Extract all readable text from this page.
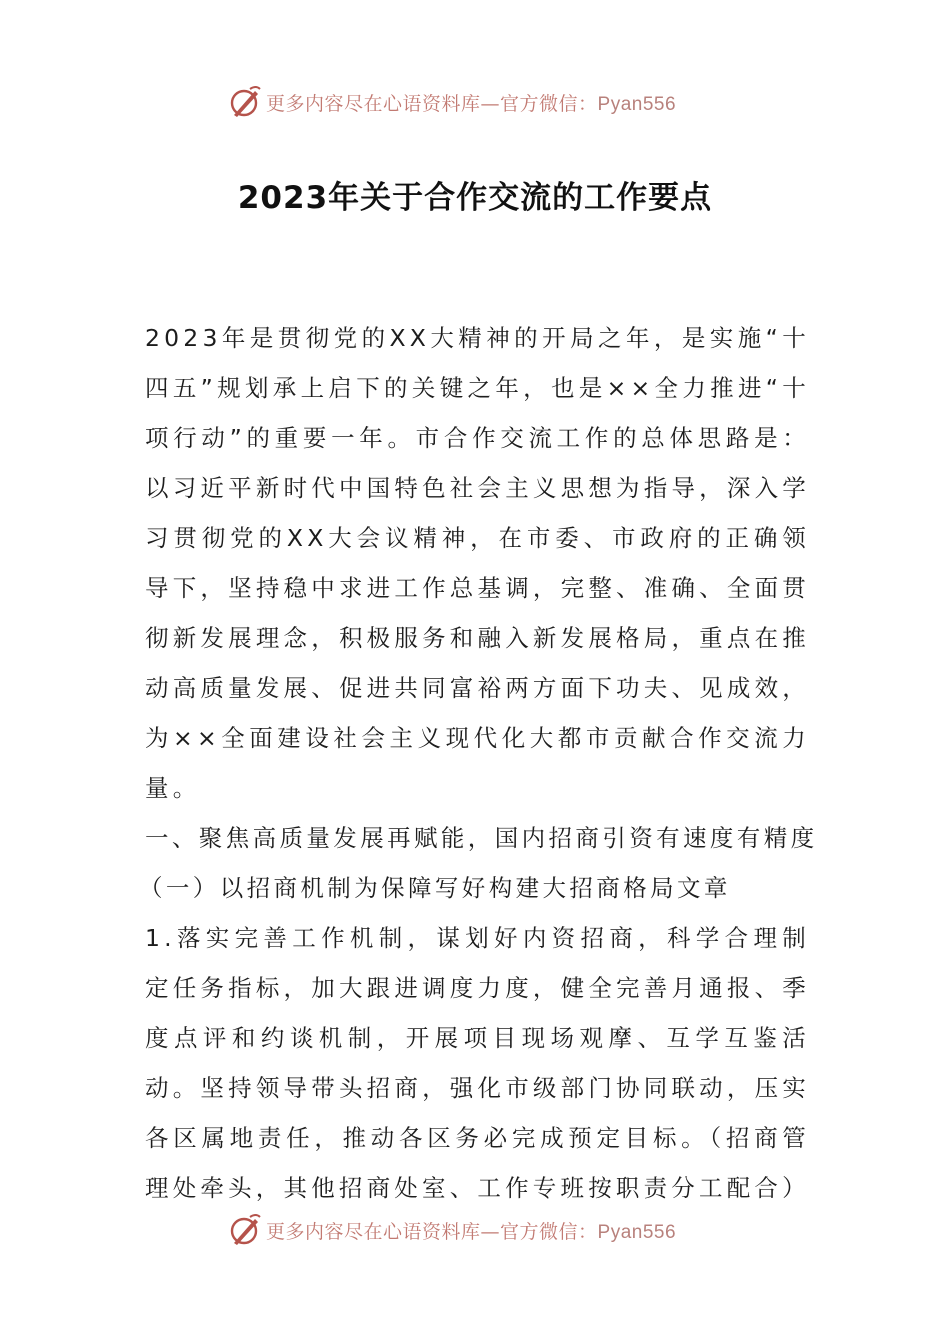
更多内容尽在心语资料库—官方微信：Pyan556
2023年关于合作交流的工作要点

2023年是贯彻党的XX大精神的开局之年，是实施“十四五”规划承上启下的关键之年，也是××全力推进“十项行动”的重要一年。市合作交流工作的总体思路是：以习近平新时代中国特色社会主义思想为指导，深入学习贯彻党的XX大会议精神，在市委、市政府的正确领导下，坚持稳中求进工作总基调，完整、准确、全面贯彻新发展理念，积极服务和融入新发展格局，重点在推动高质量发展、促进共同富裕两方面下功夫、见成效，为××全面建设社会主义现代化大都市贡献合作交流力量。

一、聚焦高质量发展再赋能，国内招商引资有速度有精度

（一）以招商机制为保障写好构建大招商格局文章

1.落实完善工作机制，谋划好内资招商，科学合理制定任务指标，加大跟进调度力度，健全完善月通报、季度点评和约谈机制，开展项目现场观摩、互学互鉴活动。坚持领导带头招商，强化市级部门协同联动，压实各区属地责任，推动各区务必完成预定目标。（招商管理处牵头，其他招商处室、工作专班按职责分工配合）

更多内容尽在心语资料库—官方微信：Pyan556
